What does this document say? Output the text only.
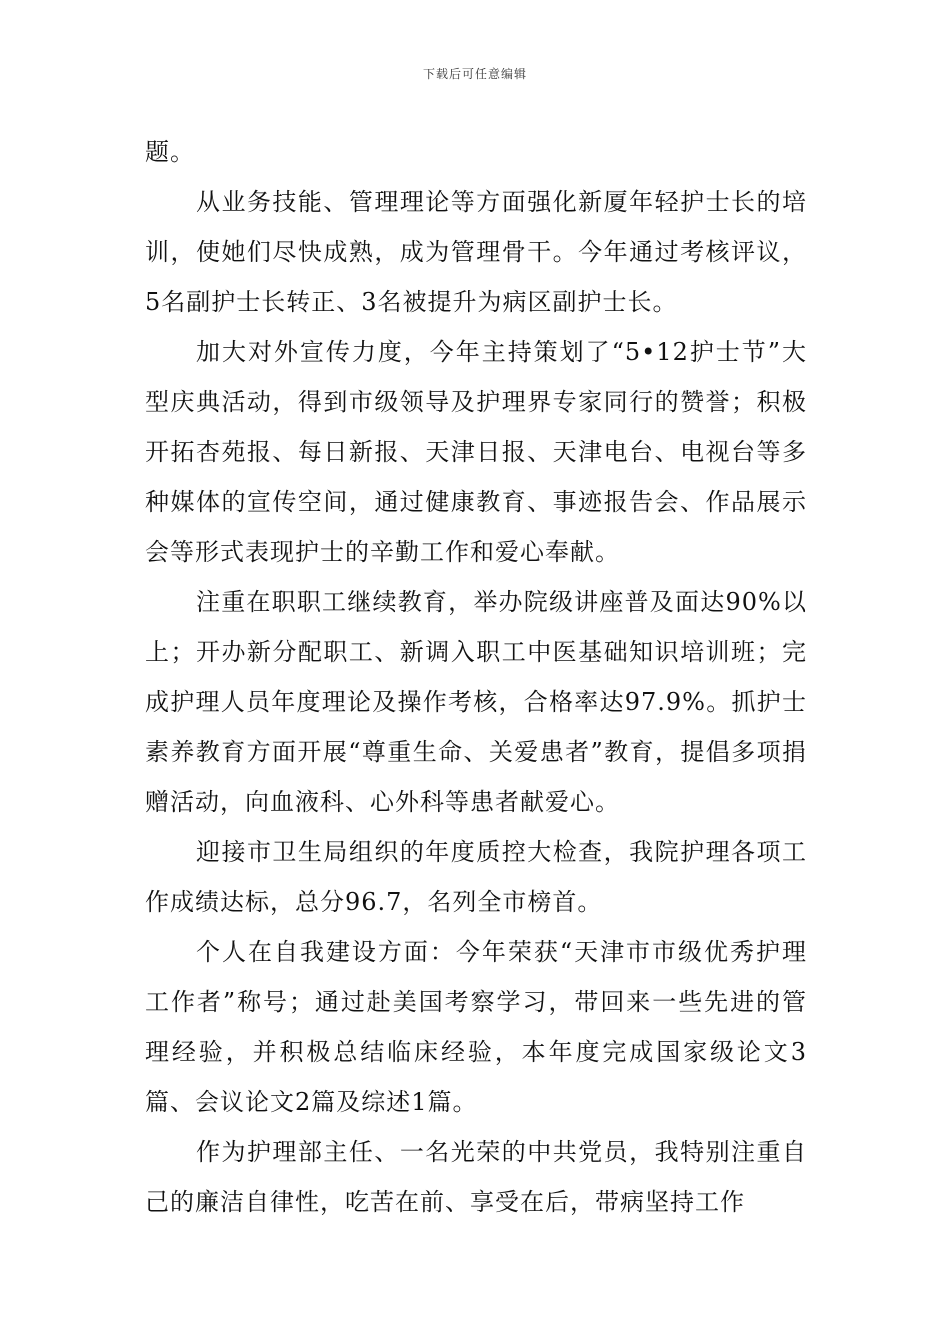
下载后可任意编辑

题。

从业务技能、管理理论等方面强化新厦年轻护士长的培训，使她们尽快成熟，成为管理骨干。今年通过考核评议，5名副护士长转正、3名被提升为病区副护士长。

加大对外宣传力度，今年主持策划了“5•12护士节”大型庆典活动，得到市级领导及护理界专家同行的赞誉；积极开拓杏苑报、每日新报、天津日报、天津电台、电视台等多种媒体的宣传空间，通过健康教育、事迹报告会、作品展示会等形式表现护士的辛勤工作和爱心奉献。

注重在职职工继续教育，举办院级讲座普及面达90%以上；开办新分配职工、新调入职工中医基础知识培训班；完成护理人员年度理论及操作考核，合格率达97.9%。抓护士素养教育方面开展“尊重生命、关爱患者”教育，提倡多项捐赠活动，向血液科、心外科等患者献爱心。

迎接市卫生局组织的年度质控大检查，我院护理各项工作成绩达标，总分96.7，名列全市榜首。

个人在自我建设方面：今年荣获“天津市市级优秀护理工作者”称号；通过赴美国考察学习，带回来一些先进的管理经验，并积极总结临床经验，本年度完成国家级论文3篇、会议论文2篇及综述1篇。

作为护理部主任、一名光荣的中共党员，我特别注重自己的廉洁自律性，吃苦在前、享受在后，带病坚持工作
